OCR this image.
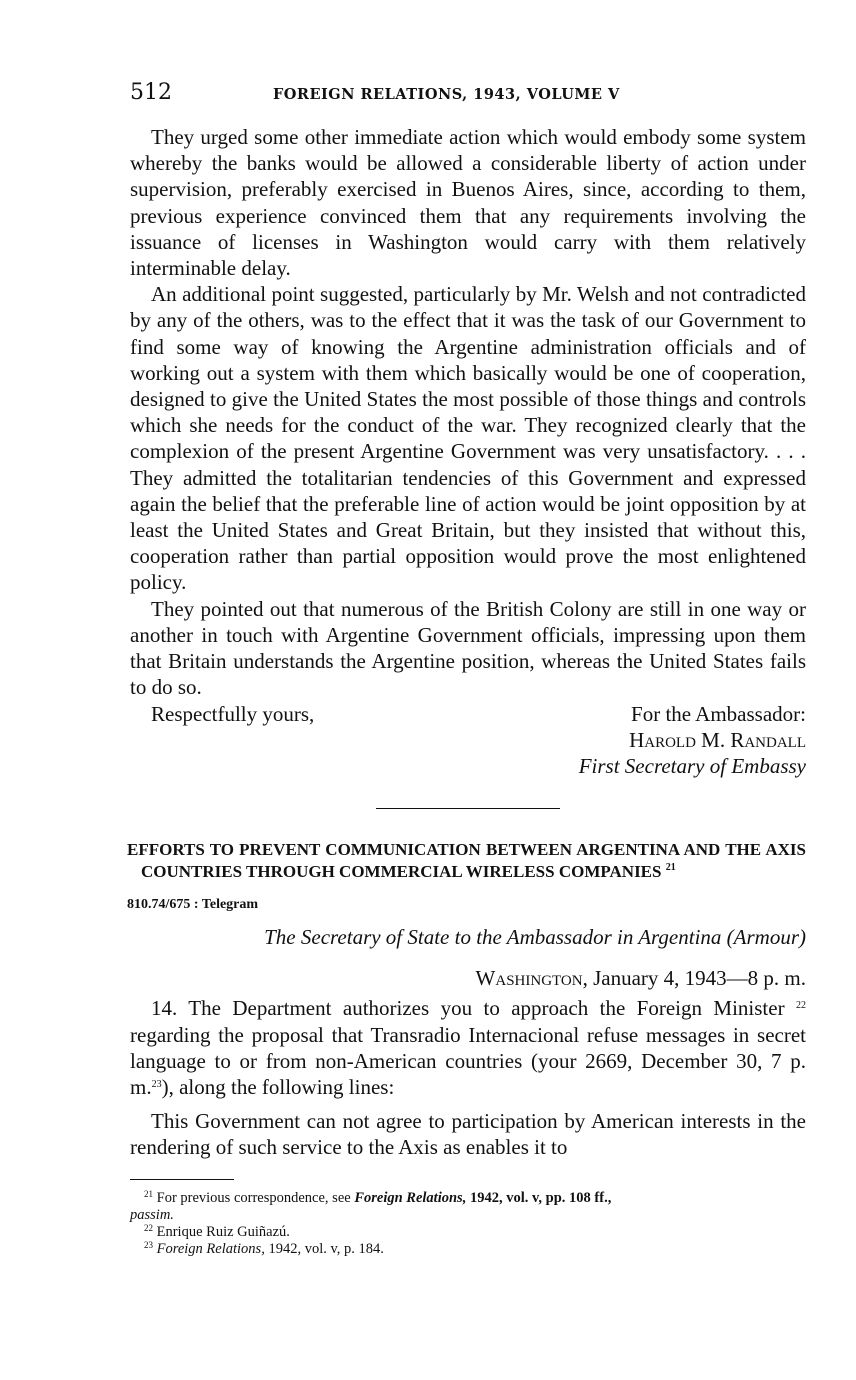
512	FOREIGN RELATIONS, 1943, VOLUME V

They urged some other immediate action which would embody some system whereby the banks would be allowed a considerable liberty of action under supervision, preferably exercised in Buenos Aires, since, according to them, previous experience convinced them that any requirements involving the issuance of licenses in Washington would carry with them relatively interminable delay.

An additional point suggested, particularly by Mr. Welsh and not contradicted by any of the others, was to the effect that it was the task of our Government to find some way of knowing the Argentine administration officials and of working out a system with them which basically would be one of cooperation, designed to give the United States the most possible of those things and controls which she needs for the conduct of the war. They recognized clearly that the complexion of the present Argentine Government was very unsatisfactory. . . . They admitted the totalitarian tendencies of this Government and expressed again the belief that the preferable line of action would be joint opposition by at least the United States and Great Britain, but they insisted that without this, cooperation rather than partial opposition would prove the most enlightened policy.

They pointed out that numerous of the British Colony are still in one way or another in touch with Argentine Government officials, impressing upon them that Britain understands the Argentine position, whereas the United States fails to do so.

Respectfully yours,	For the Ambassador:
Harold M. Randall
First Secretary of Embassy
EFFORTS TO PREVENT COMMUNICATION BETWEEN ARGENTINA AND THE AXIS COUNTRIES THROUGH COMMERCIAL WIRELESS COMPANIES $^{21}$
810.74/675 : Telegram
The Secretary of State to the Ambassador in Argentina (Armour)
Washington, January 4, 1943—8 p. m.

14. The Department authorizes you to approach the Foreign Minister $^{22}$ regarding the proposal that Transradio Internacional refuse messages in secret language to or from non-American countries (your 2669, December 30, 7 p. m.$^{23}$), along the following lines:

This Government can not agree to participation by American interests in the rendering of such service to the Axis as enables it to

$^{21}$ For previous correspondence, see Foreign Relations, 1942, vol. v, pp. 108 ff.,
passim.
$^{22}$ Enrique Ruiz Guiñazú.
$^{23}$ Foreign Relations, 1942, vol. v, p. 184.
